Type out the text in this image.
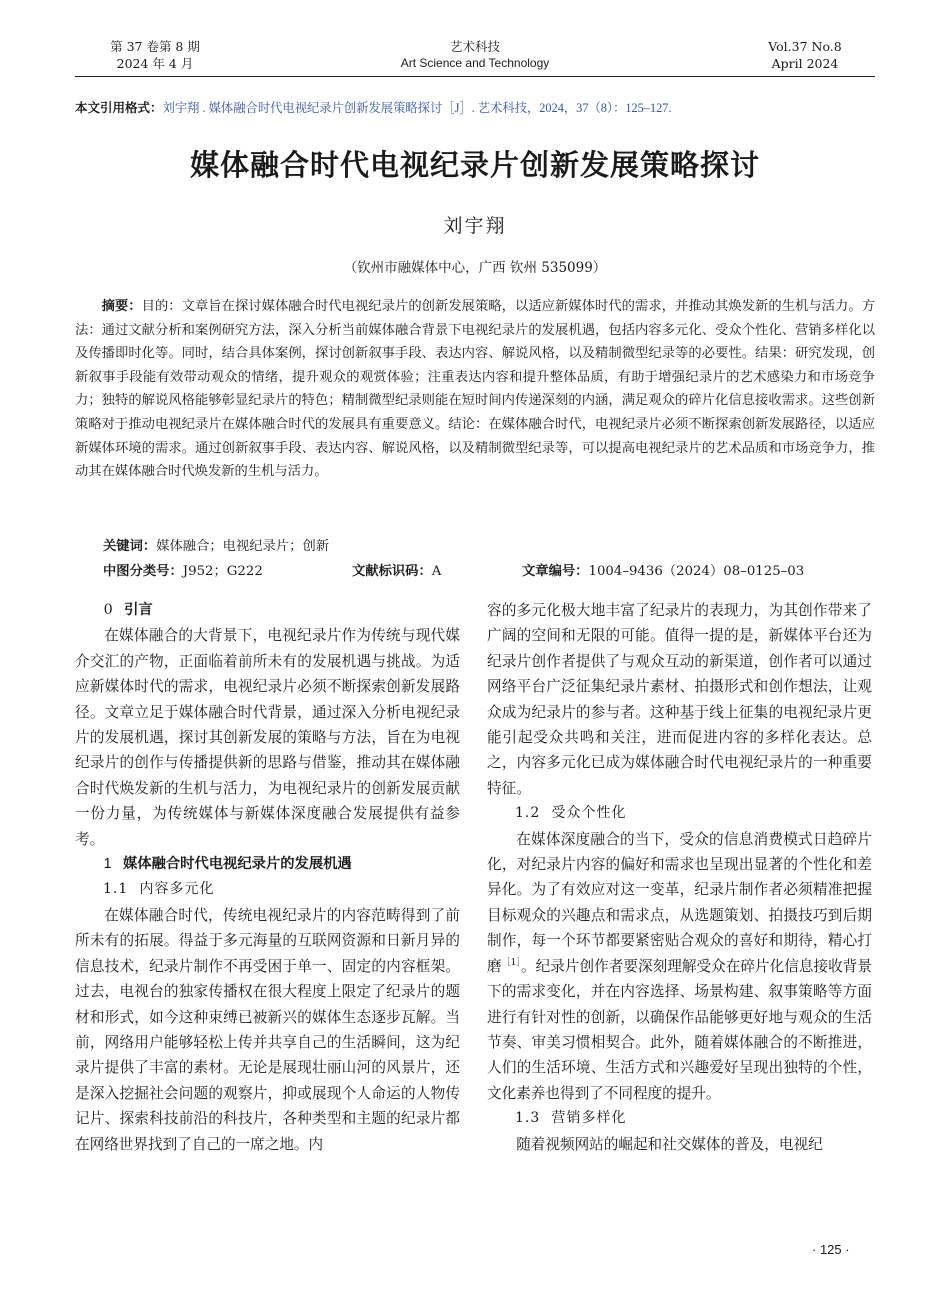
第 37 卷第 8 期
2024 年 4 月
艺术科技
Art Science and Technology
Vol.37 No.8
April 2024
本文引用格式：刘宇翔 . 媒体融合时代电视纪录片创新发展策略探讨［J］. 艺术科技，2024，37（8）：125–127.
媒体融合时代电视纪录片创新发展策略探讨
刘宇翔
（钦州市融媒体中心，广西 钦州 535099）

摘要：目的：文章旨在探讨媒体融合时代电视纪录片的创新发展策略，以适应新媒体时代的需求，并推动其焕发新的生机与活力。方法：通过文献分析和案例研究方法，深入分析当前媒体融合背景下电视纪录片的发展机遇，包括内容多元化、受众个性化、营销多样化以及传播即时化等。同时，结合具体案例，探讨创新叙事手段、表达内容、解说风格，以及精制微型纪录等的必要性。结果：研究发现，创新叙事手段能有效带动观众的情绪，提升观众的观赏体验；注重表达内容和提升整体品质，有助于增强纪录片的艺术感染力和市场竞争力；独特的解说风格能够彰显纪录片的特色；精制微型纪录则能在短时间内传递深刻的内涵，满足观众的碎片化信息接收需求。这些创新策略对于推动电视纪录片在媒体融合时代的发展具有重要意义。结论：在媒体融合时代，电视纪录片必须不断探索创新发展路径，以适应新媒体环境的需求。通过创新叙事手段、表达内容、解说风格，以及精制微型纪录等，可以提高电视纪录片的艺术品质和市场竞争力，推动其在媒体融合时代焕发新的生机与活力。

关键词：媒体融合；电视纪录片；创新
中图分类号：J952；G222	文献标识码：A	文章编号：1004–9436（2024）08–0125–03
0 引言

在媒体融合的大背景下，电视纪录片作为传统与现代媒介交汇的产物，正面临着前所未有的发展机遇与挑战。为适应新媒体时代的需求，电视纪录片必须不断探索创新发展路径。文章立足于媒体融合时代背景，通过深入分析电视纪录片的发展机遇，探讨其创新发展的策略与方法，旨在为电视纪录片的创作与传播提供新的思路与借鉴，推动其在媒体融合时代焕发新的生机与活力，为电视纪录片的创新发展贡献一份力量，为传统媒体与新媒体深度融合发展提供有益参考。

1 媒体融合时代电视纪录片的发展机遇
1.1 内容多元化

在媒体融合时代，传统电视纪录片的内容范畴得到了前所未有的拓展。得益于多元海量的互联网资源和日新月异的信息技术，纪录片制作不再受困于单一、固定的内容框架。过去，电视台的独家传播权在很大程度上限定了纪录片的题材和形式，如今这种束缚已被新兴的媒体生态逐步瓦解。当前，网络用户能够轻松上传并共享自己的生活瞬间，这为纪录片提供了丰富的素材。无论是展现壮丽山河的风景片，还是深入挖掘社会问题的观察片，抑或展现个人命运的人物传记片、探索科技前沿的科技片，各种类型和主题的纪录片都在网络世界找到了自己的一席之地。内

容的多元化极大地丰富了纪录片的表现力，为其创作带来了广阔的空间和无限的可能。值得一提的是，新媒体平台还为纪录片创作者提供了与观众互动的新渠道，创作者可以通过网络平台广泛征集纪录片素材、拍摄形式和创作想法，让观众成为纪录片的参与者。这种基于线上征集的电视纪录片更能引起受众共鸣和关注，进而促进内容的多样化表达。总之，内容多元化已成为媒体融合时代电视纪录片的一种重要特征。

1.2 受众个性化

在媒体深度融合的当下，受众的信息消费模式日趋碎片化，对纪录片内容的偏好和需求也呈现出显著的个性化和差异化。为了有效应对这一变革，纪录片制作者必须精准把握目标观众的兴趣点和需求点，从选题策划、拍摄技巧到后期制作，每一个环节都要紧密贴合观众的喜好和期待，精心打磨$^{[1]}$。纪录片创作者要深刻理解受众在碎片化信息接收背景下的需求变化，并在内容选择、场景构建、叙事策略等方面进行有针对性的创新，以确保作品能够更好地与观众的生活节奏、审美习惯相契合。此外，随着媒体融合的不断推进，人们的生活环境、生活方式和兴趣爱好呈现出独特的个性，文化素养也得到了不同程度的提升。

1.3 营销多样化

随着视频网站的崛起和社交媒体的普及，电视纪

· 125 ·
